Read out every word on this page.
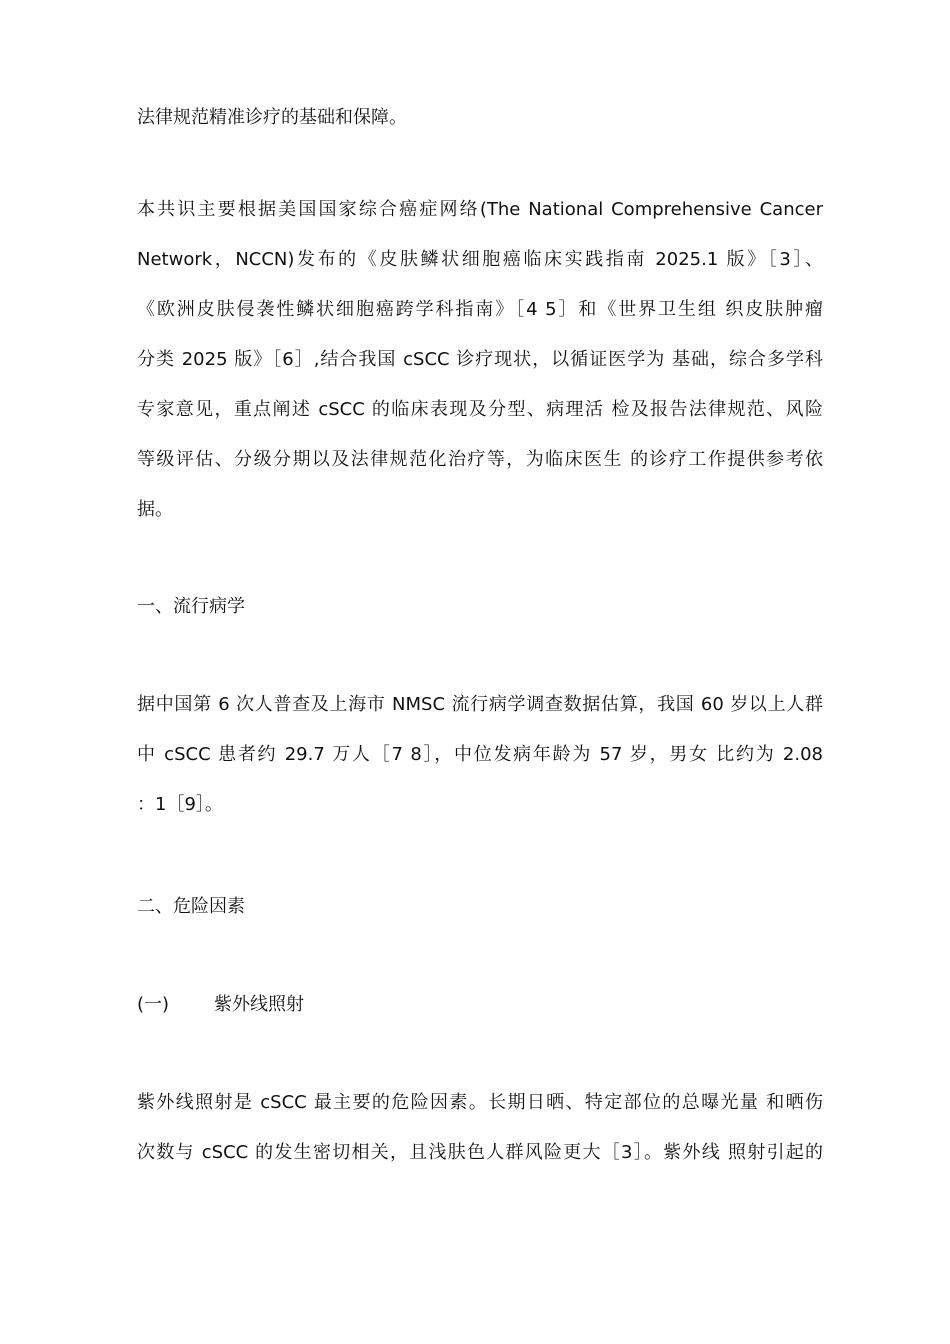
法律规范精准诊疗的基础和保障。
本共识主要根据美国国家综合癌症网络(The National Comprehensive Cancer
Network，NCCN)发布的《皮肤鳞状细胞癌临床实践指南 2025.1 版》［3］、
《欧洲皮肤侵袭性鳞状细胞癌跨学科指南》［4 5］和《世界卫生组 织皮肤肿瘤
分类 2025 版》［6］,结合我国 cSCC 诊疗现状，以循证医学为 基础，综合多学科
专家意见，重点阐述 cSCC 的临床表现及分型、病理活 检及报告法律规范、风险
等级评估、分级分期以及法律规范化治疗等，为临床医生 的诊疗工作提供参考依
据。
一、流行病学
据中国第 6 次人普查及上海市 NMSC 流行病学调查数据估算，我国 60 岁以上人群
中 cSCC 患者约 29.7 万人［7 8］，中位发病年龄为 57 岁，男女 比约为 2.08
：1［9］。
二、危险因素
(一) 紫外线照射
紫外线照射是 cSCC 最主要的危险因素。长期日晒、特定部位的总曝光量 和晒伤
次数与 cSCC 的发生密切相关，且浅肤色人群风险更大［3］。紫外线 照射引起的
